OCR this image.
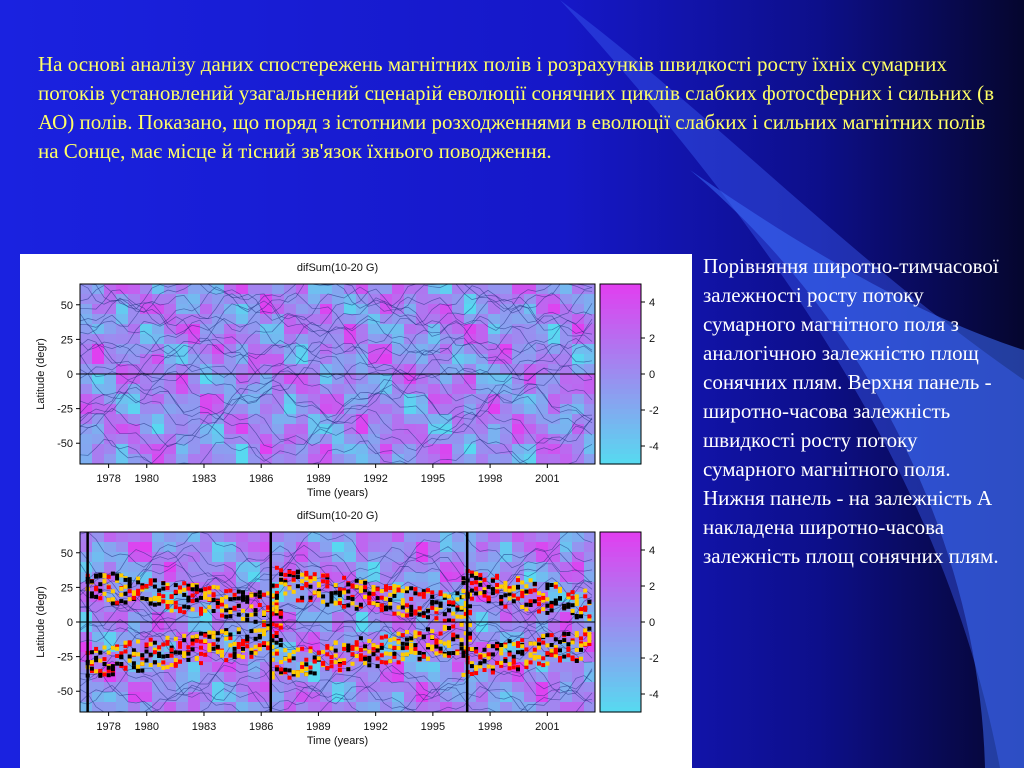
На основі аналізу даних спостережень магнітних полів і розрахунків швидкості росту їхніх сумарних потоків установлений узагальнений сценарій еволюції сонячних циклів слабких фотосферних і сильних (в АО) полів. Показано, що поряд з істотними розходженнями в еволюції слабких і сильних магнітних полів на Сонце, має місце й тісний зв'язок їхнього поводження.

difSum(10-20 G)
50
25
0
-25
-50
1978 1980	1983	1986	1989	1992	1995	1998	2001
Time (years)
Latitude (degr)
4
2
0
-2
-4
difSum(10-20 G)
50
25
0
-25
-50
1978 1980	1983	1986	1989	1992	1995	1998	2001
Time (years)
Latitude (degr)
4
2
0
-2
-4

Порівняння широтно-тимчасової залежності росту потоку сумарного магнітного поля з аналогічною залежністю площ сонячних плям. Верхня панель - широтно-часова залежність швидкості росту потоку сумарного магнітного поля. Нижня панель - на залежність А накладена широтно-часова залежність площ сонячних плям.
